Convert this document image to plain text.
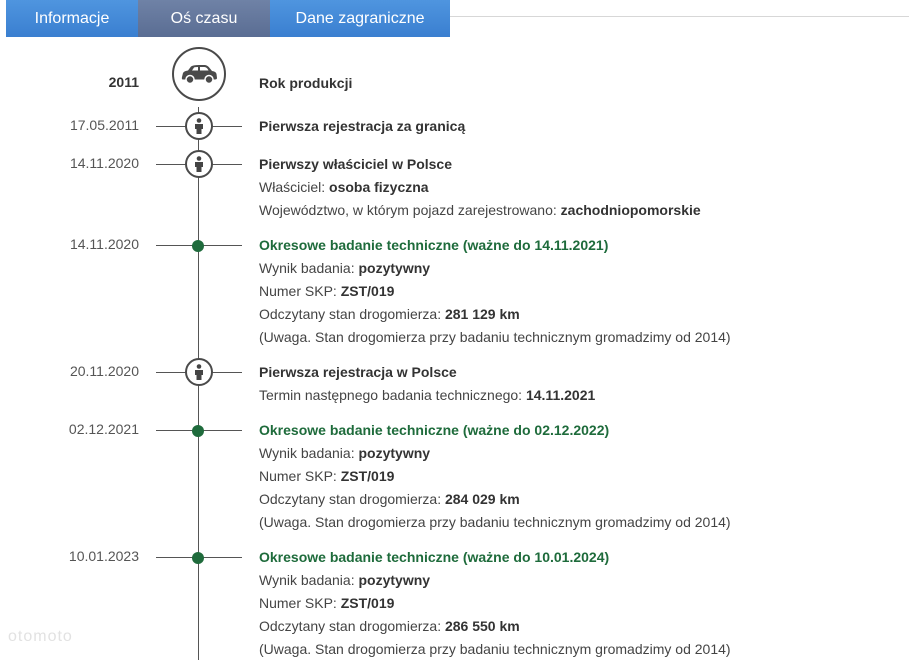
Informacje	Oś czasu	Dane zagraniczne
2011	Rok produkcji
17.05.2011	Pierwsza rejestracja za granicą
14.11.2020	Pierwszy właściciel w Polsce
Właściciel: osoba fizyczna
Województwo, w którym pojazd zarejestrowano: zachodniopomorskie
14.11.2020	Okresowe badanie techniczne (ważne do 14.11.2021)
Wynik badania: pozytywny
Numer SKP: ZST/019
Odczytany stan drogomierza: 281 129 km
(Uwaga. Stan drogomierza przy badaniu technicznym gromadzimy od 2014)
20.11.2020	Pierwsza rejestracja w Polsce
Termin następnego badania technicznego: 14.11.2021
02.12.2021	Okresowe badanie techniczne (ważne do 02.12.2022)
Wynik badania: pozytywny
Numer SKP: ZST/019
Odczytany stan drogomierza: 284 029 km
(Uwaga. Stan drogomierza przy badaniu technicznym gromadzimy od 2014)
10.01.2023	Okresowe badanie techniczne (ważne do 10.01.2024)
Wynik badania: pozytywny
Numer SKP: ZST/019
Odczytany stan drogomierza: 286 550 km
(Uwaga. Stan drogomierza przy badaniu technicznym gromadzimy od 2014)
otomoto
